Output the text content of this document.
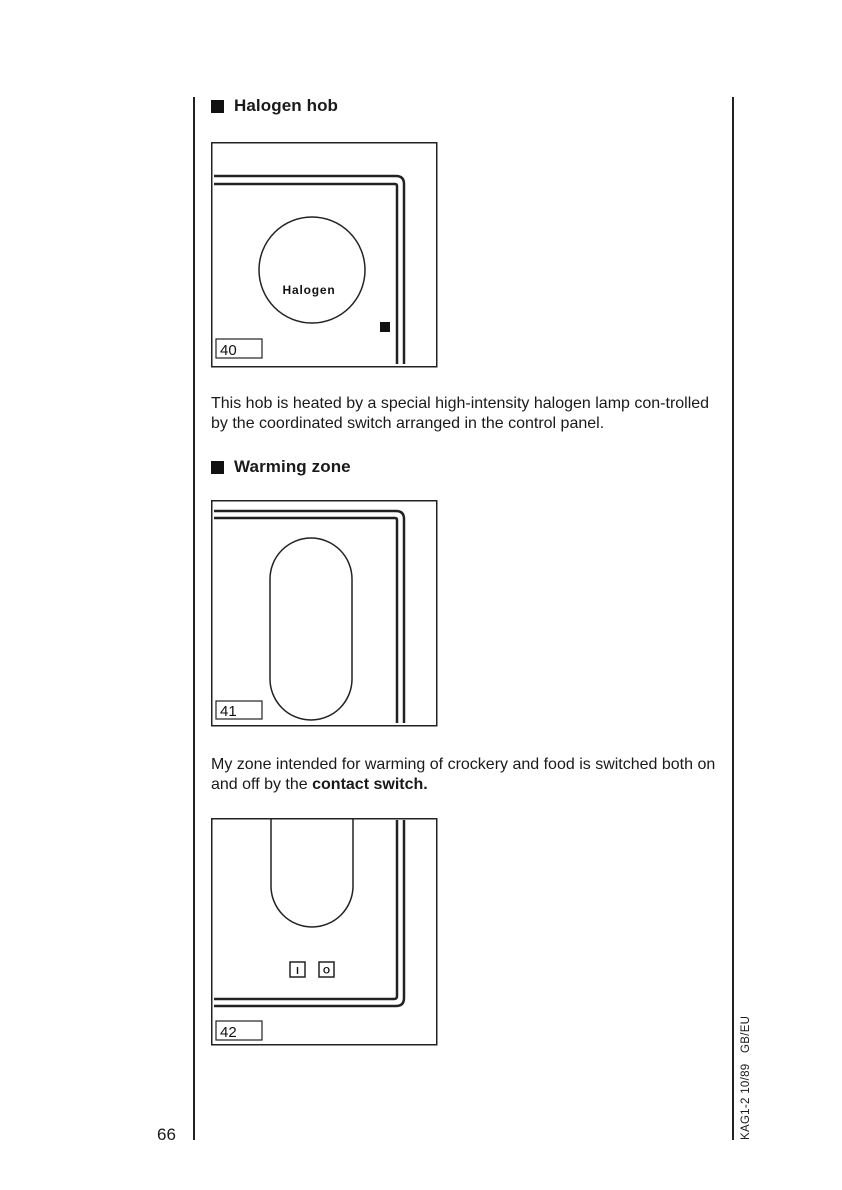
Halogen hob
Halogen
40

This hob is heated by a special high-intensity halogen lamp con-trolled by the coordinated switch arranged in the control panel.

Warming zone
41

My zone intended for warming of crockery and food is switched both on and off by the contact switch.

I	O
42
66	KAG1-2 10/89   GB/EU
